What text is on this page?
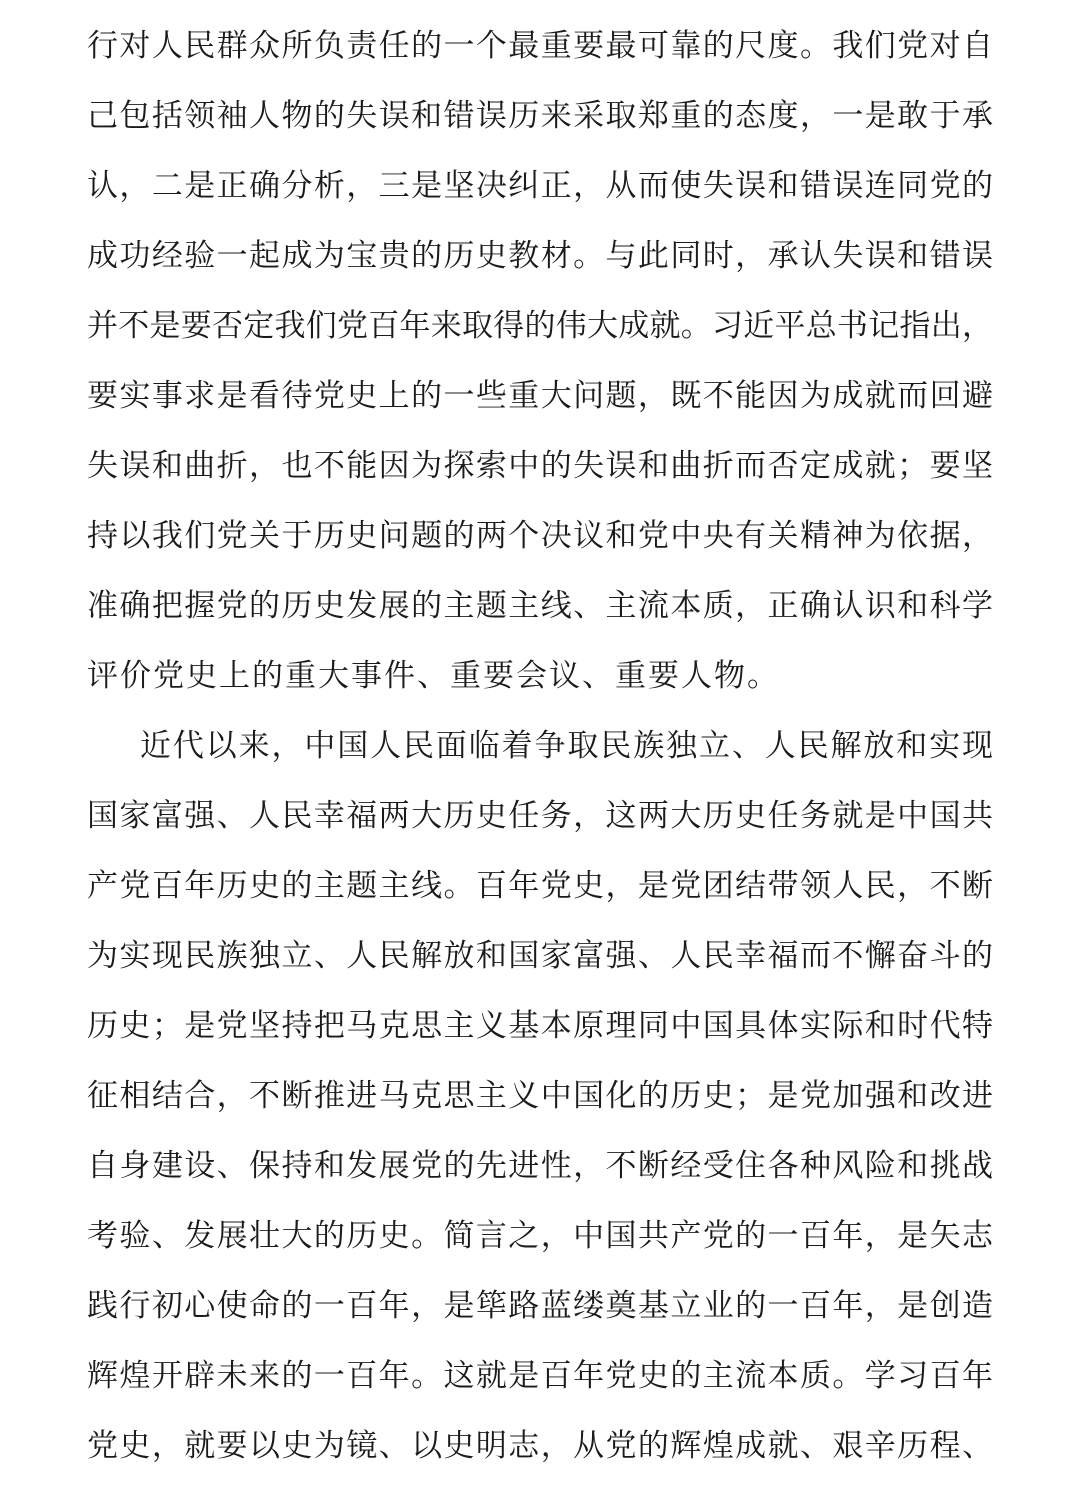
行对人民群众所负责任的一个最重要最可靠的尺度。我们党对自
己包括领袖人物的失误和错误历来采取郑重的态度，一是敢于承
认，二是正确分析，三是坚决纠正，从而使失误和错误连同党的
成功经验一起成为宝贵的历史教材。与此同时，承认失误和错误
并不是要否定我们党百年来取得的伟大成就。习近平总书记指出，
要实事求是看待党史上的一些重大问题，既不能因为成就而回避
失误和曲折，也不能因为探索中的失误和曲折而否定成就；要坚
持以我们党关于历史问题的两个决议和党中央有关精神为依据，
准确把握党的历史发展的主题主线、主流本质，正确认识和科学
评价党史上的重大事件、重要会议、重要人物。
近代以来，中国人民面临着争取民族独立、人民解放和实现
国家富强、人民幸福两大历史任务，这两大历史任务就是中国共
产党百年历史的主题主线。百年党史，是党团结带领人民，不断
为实现民族独立、人民解放和国家富强、人民幸福而不懈奋斗的
历史；是党坚持把马克思主义基本原理同中国具体实际和时代特
征相结合，不断推进马克思主义中国化的历史；是党加强和改进
自身建设、保持和发展党的先进性，不断经受住各种风险和挑战
考验、发展壮大的历史。简言之，中国共产党的一百年，是矢志
践行初心使命的一百年，是筚路蓝缕奠基立业的一百年，是创造
辉煌开辟未来的一百年。这就是百年党史的主流本质。学习百年
党史，就要以史为镜、以史明志，从党的辉煌成就、艰辛历程、
